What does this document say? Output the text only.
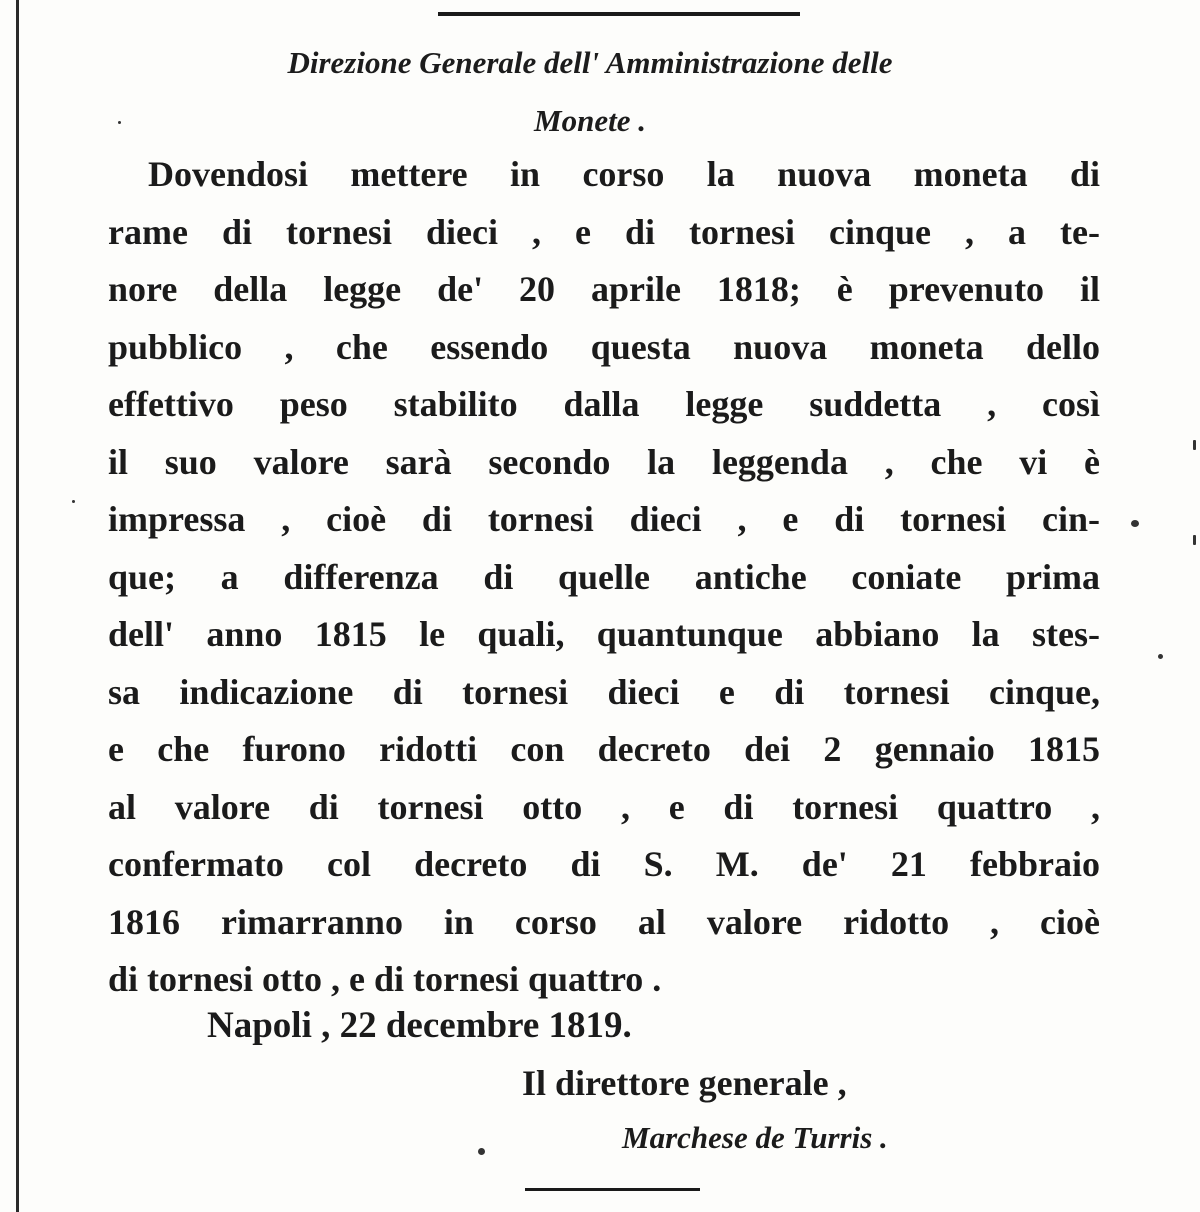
Direzione Generale dell' Amministrazione delle
Monete .
Dovendosi mettere in corso la nuova moneta di
rame di tornesi dieci , e di tornesi cinque , a te-
nore della legge de' 20 aprile 1818; è prevenuto il
pubblico , che essendo questa nuova moneta dello
effettivo peso stabilito dalla legge suddetta , così
il suo valore sarà secondo la leggenda , che vi è
impressa , cioè di tornesi dieci , e di tornesi cin-
que; a differenza di quelle antiche coniate prima
dell' anno 1815 le quali, quantunque abbiano la stes-
sa indicazione di tornesi dieci e di tornesi cinque,
e che furono ridotti con decreto dei 2 gennaio 1815
al valore di tornesi otto , e di tornesi quattro ,
confermato col decreto di S. M. de' 21 febbraio
1816 rimarranno in corso al valore ridotto , cioè
di tornesi otto , e di tornesi quattro .
Napoli , 22 decembre 1819.
Il direttore generale ,
Marchese de Turris .
